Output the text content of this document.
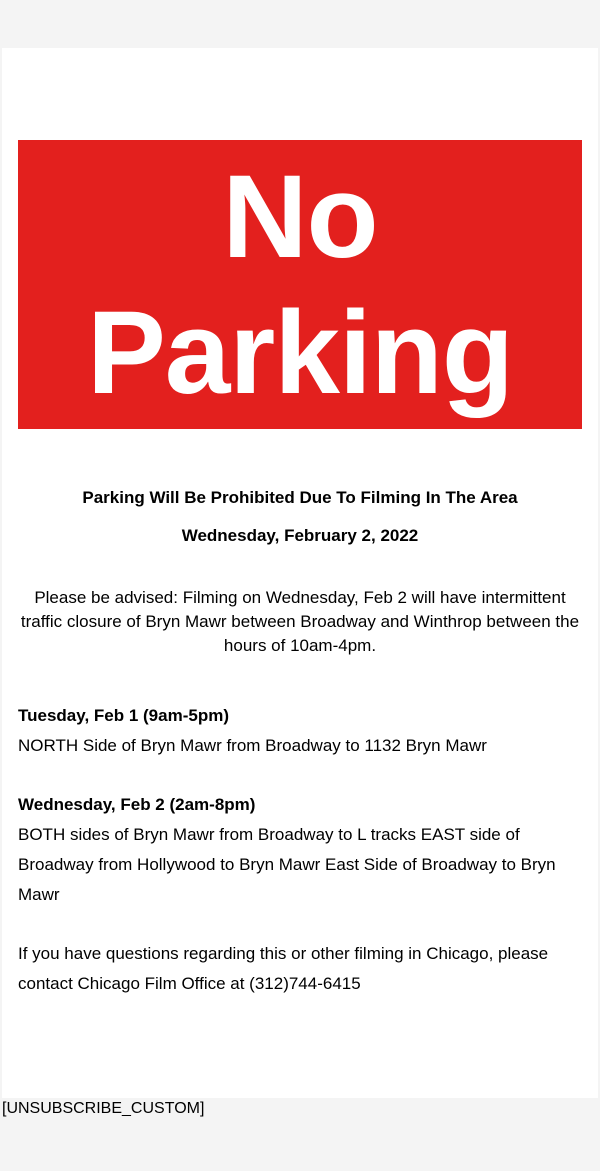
No
Parking
Parking Will Be Prohibited Due To Filming In The Area
Wednesday, February 2, 2022
Please be advised: Filming on Wednesday, Feb 2 will have intermittent traffic closure of Bryn Mawr between Broadway and Winthrop between the hours of 10am-4pm.
Tuesday, Feb 1 (9am-5pm)
NORTH Side of Bryn Mawr from Broadway to 1132 Bryn Mawr
Wednesday, Feb 2 (2am-8pm)
BOTH sides of Bryn Mawr from Broadway to L tracks EAST side of Broadway from Hollywood to Bryn Mawr East Side of Broadway to Bryn Mawr
If you have questions regarding this or other filming in Chicago, please contact Chicago Film Office at (312)744-6415
[UNSUBSCRIBE_CUSTOM]
